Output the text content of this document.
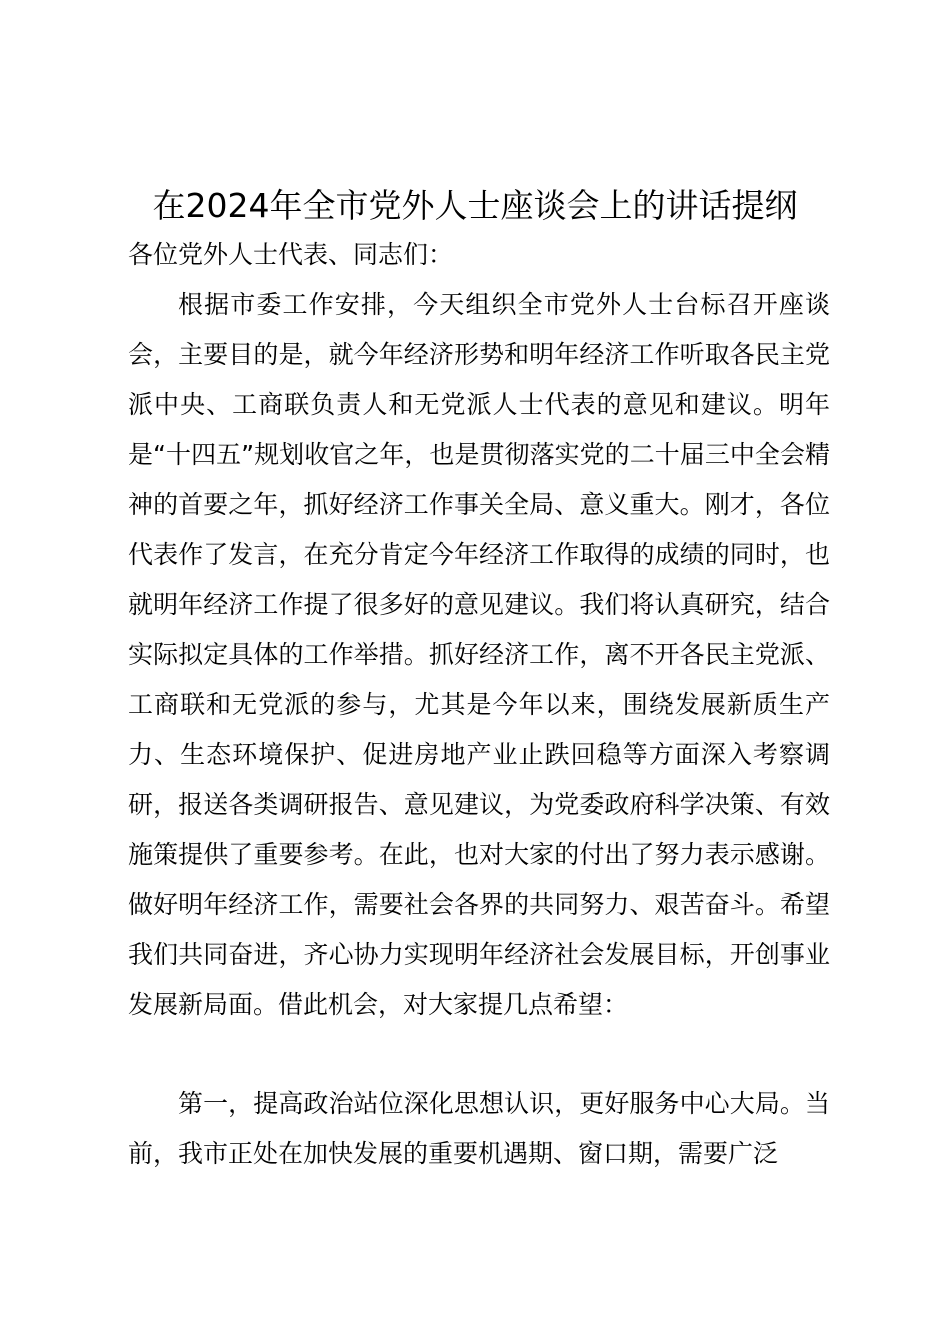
在2024年全市党外人士座谈会上的讲话提纲

各位党外人士代表、同志们：

根据市委工作安排，今天组织全市党外人士台标召开座谈会，主要目的是，就今年经济形势和明年经济工作听取各民主党派中央、工商联负责人和无党派人士代表的意见和建议。明年是“十四五”规划收官之年，也是贯彻落实党的二十届三中全会精神的首要之年，抓好经济工作事关全局、意义重大。刚才，各位代表作了发言，在充分肯定今年经济工作取得的成绩的同时，也就明年经济工作提了很多好的意见建议。我们将认真研究，结合实际拟定具体的工作举措。抓好经济工作，离不开各民主党派、工商联和无党派的参与，尤其是今年以来，围绕发展新质生产力、生态环境保护、促进房地产业止跌回稳等方面深入考察调研，报送各类调研报告、意见建议，为党委政府科学决策、有效施策提供了重要参考。在此，也对大家的付出了努力表示感谢。做好明年经济工作，需要社会各界的共同努力、艰苦奋斗。希望我们共同奋进，齐心协力实现明年经济社会发展目标，开创事业发展新局面。借此机会，对大家提几点希望：

第一，提高政治站位深化思想认识，更好服务中心大局。当前，我市正处在加快发展的重要机遇期、窗口期，需要广泛
